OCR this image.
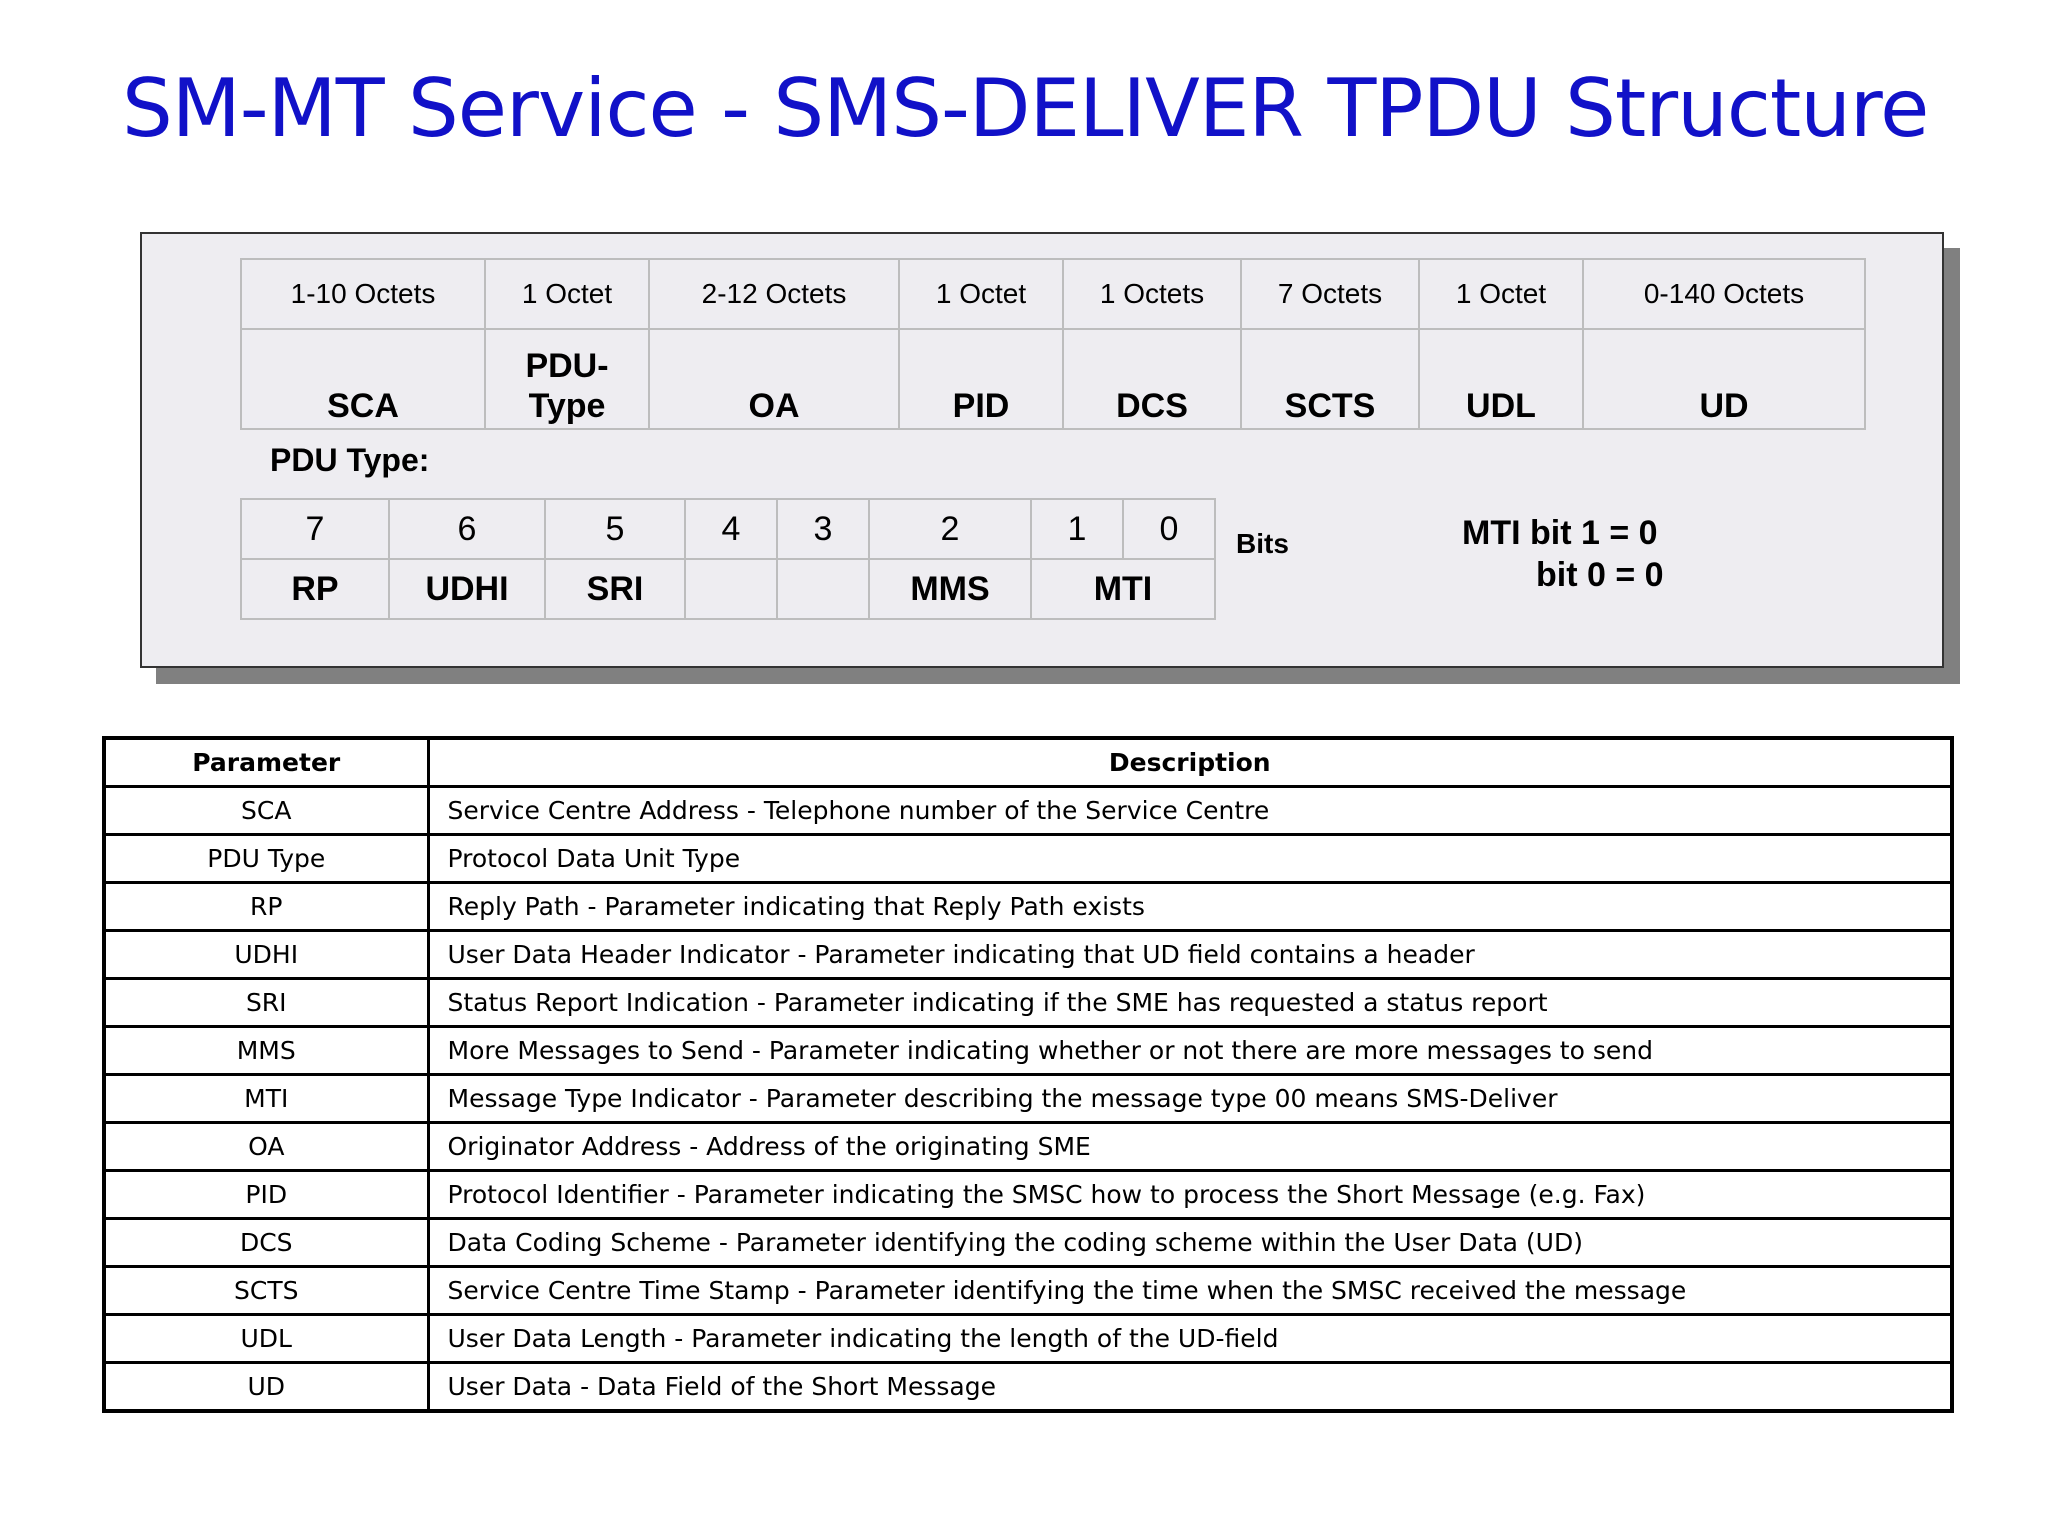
SM-MT Service - SMS-DELIVER TPDU Structure
1-10 Octets	1 Octet	2-12 Octets	1 Octet	1 Octets	7 Octets	1 Octet	0-140 Octets
SCA	PDU-
Type	OA	PID	DCS	SCTS	UDL	UD
PDU Type:
7	6	5	4	3	2	1	0
RP	UDHI	SRI			MMS	MTI	
Bits	MTI bit 1 = 0
bit 0 = 0
Parameter	Description
SCA	Service Centre Address - Telephone number of the Service Centre
PDU Type	Protocol Data Unit Type
RP	Reply Path - Parameter indicating that Reply Path exists
UDHI	User Data Header Indicator - Parameter indicating that UD field contains a header
SRI	Status Report Indication - Parameter indicating if the SME has requested a status report
MMS	More Messages to Send - Parameter indicating whether or not there are more messages to send
MTI	Message Type Indicator - Parameter describing the message type 00 means SMS-Deliver
OA	Originator Address - Address of the originating SME
PID	Protocol Identifier - Parameter indicating the SMSC how to process the Short Message (e.g. Fax)
DCS	Data Coding Scheme - Parameter identifying the coding scheme within the User Data (UD)
SCTS	Service Centre Time Stamp - Parameter identifying the time when the SMSC received the message
UDL	User Data Length - Parameter indicating the length of the UD-field
UD	User Data - Data Field of the Short Message
